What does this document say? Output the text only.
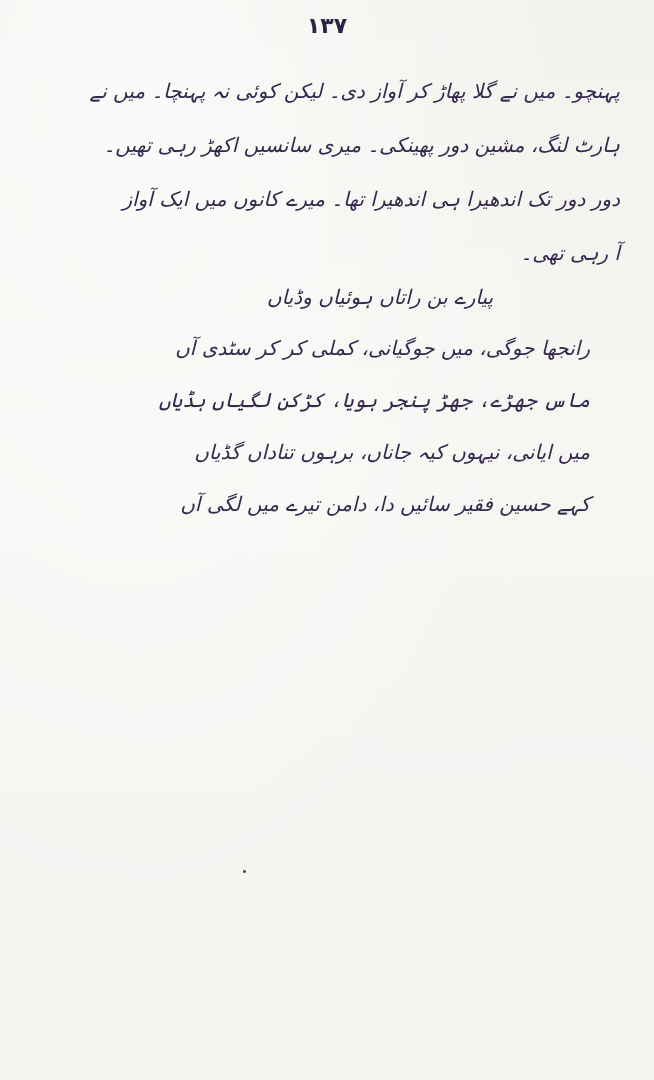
۱۳۷
پہنچو۔ میں نے گلا پھاڑ کر آواز دی۔ لیکن کوئی نہ پہنچا۔ میں نے
ہارٹ لنگ، مشین دور پھینکی۔ میری سانسیں اکھڑ رہی تھیں۔
دور دور تک اندھیرا ہی اندھیرا تھا۔ میرے کانوں میں ایک آواز
آ رہی تھی۔
پیارے بن راتاں ہوئیاں وڈیاں
رانجھا جوگی، میں جوگیانی، کملی کر کر سٹدی آں
ماس جھڑے، جھڑ پنجر ہویا، کڑکن لگیاں ہڈیاں
میں ایانی، نیہوں کیہ جاناں، برہوں تناداں گڈیاں
کہے حسین فقیر سائیں دا، دامن تیرے میں لگی آں
